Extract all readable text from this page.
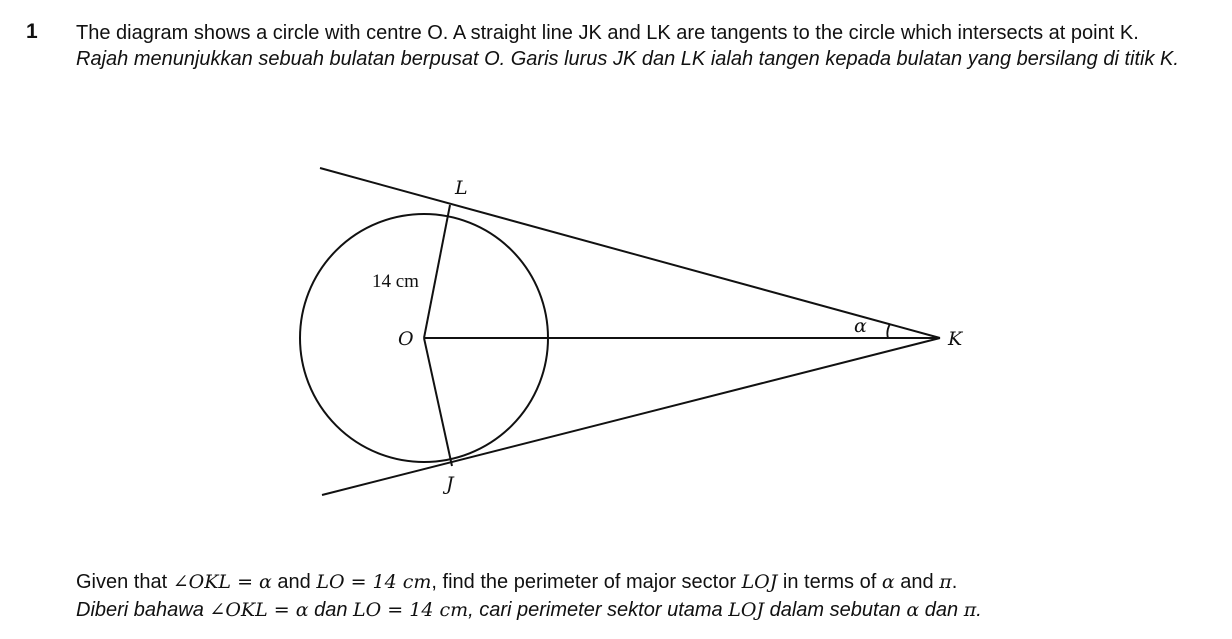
1 The diagram shows a circle with centre O. A straight line JK and LK are tangents to the circle which intersects at point K.

Rajah menunjukkan sebuah bulatan berpusat O. Garis lurus JK dan LK ialah tangen kepada bulatan yang bersilang di titik K.

L
O	K
J
14 cm
α

Given that ∠OKL = α and LO = 14 cm, find the perimeter of major sector LOJ in terms of α and π.

Diberi bahawa ∠OKL = α dan LO = 14 cm, cari perimeter sektor utama LOJ dalam sebutan α dan π.
